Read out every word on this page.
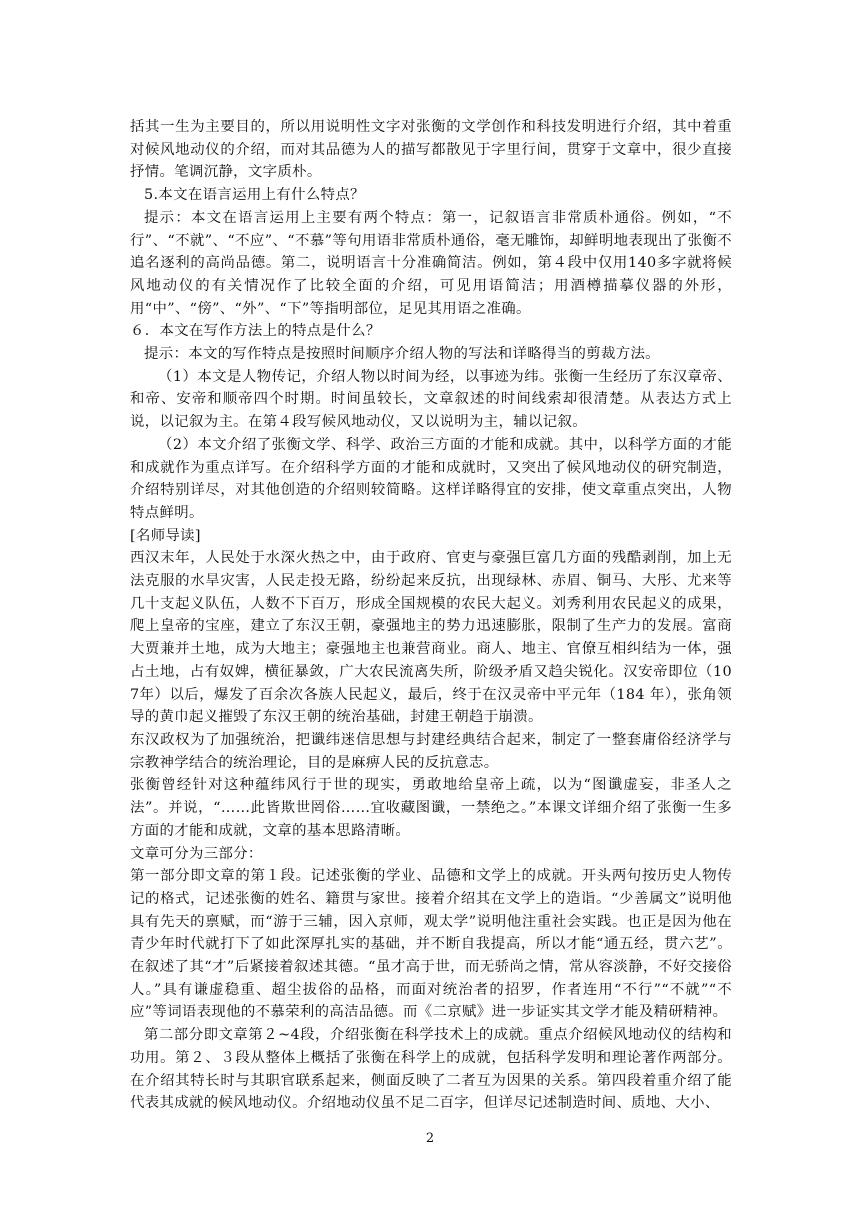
括其一生为主要目的，所以用说明性文字对张衡的文学创作和科技发明进行介绍，其中着重对候风地动仪的介绍，而对其品德为人的描写都散见于字里行间，贯穿于文章中，很少直接抒情。笔调沉静，文字质朴。

5.本文在语言运用上有什么特点？

提示：本文在语言运用上主要有两个特点：第一，记叙语言非常质朴通俗。例如，“不行”、“不就”、“不应”、“不慕”等句用语非常质朴通俗，毫无雕饰，却鲜明地表现出了张衡不追名逐利的高尚品德。第二，说明语言十分准确简洁。例如，第４段中仅用140多字就将候风地动仪的有关情况作了比较全面的介绍，可见用语简洁；用酒樽描摹仪器的外形，用“中”、“傍”、“外”、“下”等指明部位，足见其用语之准确。

６．本文在写作方法上的特点是什么？

提示：本文的写作特点是按照时间顺序介绍人物的写法和详略得当的剪裁方法。

（1）本文是人物传记，介绍人物以时间为经，以事迹为纬。张衡一生经历了东汉章帝、和帝、安帝和顺帝四个时期。时间虽较长，文章叙述的时间线索却很清楚。从表达方式上说，以记叙为主。在第４段写候风地动仪，又以说明为主，辅以记叙。

（2）本文介绍了张衡文学、科学、政治三方面的才能和成就。其中，以科学方面的才能和成就作为重点详写。在介绍科学方面的才能和成就时，又突出了候风地动仪的研究制造，介绍特别详尽，对其他创造的介绍则较简略。这样详略得宜的安排，使文章重点突出，人物特点鲜明。

[名师导读]

西汉末年，人民处于水深火热之中，由于政府、官吏与豪强巨富几方面的残酷剥削，加上无法克服的水旱灾害，人民走投无路，纷纷起来反抗，出现绿林、赤眉、铜马、大彤、尤来等几十支起义队伍，人数不下百万，形成全国规模的农民大起义。刘秀利用农民起义的成果，爬上皇帝的宝座，建立了东汉王朝，豪强地主的势力迅速膨胀，限制了生产力的发展。富商大贾兼并土地，成为大地主；豪强地主也兼营商业。商人、地主、官僚互相纠结为一体，强占土地，占有奴婢，横征暴敛，广大农民流离失所，阶级矛盾又趋尖锐化。汉安帝即位（107年）以后，爆发了百余次各族人民起义，最后，终于在汉灵帝中平元年（184 年），张角领导的黄巾起义摧毁了东汉王朝的统治基础，封建王朝趋于崩溃。

东汉政权为了加强统治，把谶纬迷信思想与封建经典结合起来，制定了一整套庸俗经济学与宗教神学结合的统治理论，目的是麻痹人民的反抗意志。

张衡曾经针对这种蕴纬风行于世的现实，勇敢地给皇帝上疏，以为“图谶虚妄，非圣人之法”。并说，“……此皆欺世罔俗……宜收藏图谶，一禁绝之。”本课文详细介绍了张衡一生多方面的才能和成就，文章的基本思路清晰。

文章可分为三部分：

第一部分即文章的第１段。记述张衡的学业、品德和文学上的成就。开头两句按历史人物传记的格式，记述张衡的姓名、籍贯与家世。接着介绍其在文学上的造诣。“少善属文”说明他具有先天的禀赋，而“游于三辅，因入京师，观太学”说明他注重社会实践。也正是因为他在青少年时代就打下了如此深厚扎实的基础，并不断自我提高，所以才能“通五经，贯六艺”。在叙述了其“才”后紧接着叙述其德。“虽才高于世，而无骄尚之情，常从容淡静，不好交接俗人。”具有谦虚稳重、超尘拔俗的品格，而面对统治者的招罗，作者连用“不行”“不就”“不应”等词语表现他的不慕荣利的高洁品德。而《二京赋》进一步证实其文学才能及精研精神。

第二部分即文章第２~4段，介绍张衡在科学技术上的成就。重点介绍候风地动仪的结构和功用。第２、３段从整体上概括了张衡在科学上的成就，包括科学发明和理论著作两部分。在介绍其特长时与其职官联系起来，侧面反映了二者互为因果的关系。第四段着重介绍了能代表其成就的候风地动仪。介绍地动仪虽不足二百字，但详尽记述制造时间、质地、大小、

2
